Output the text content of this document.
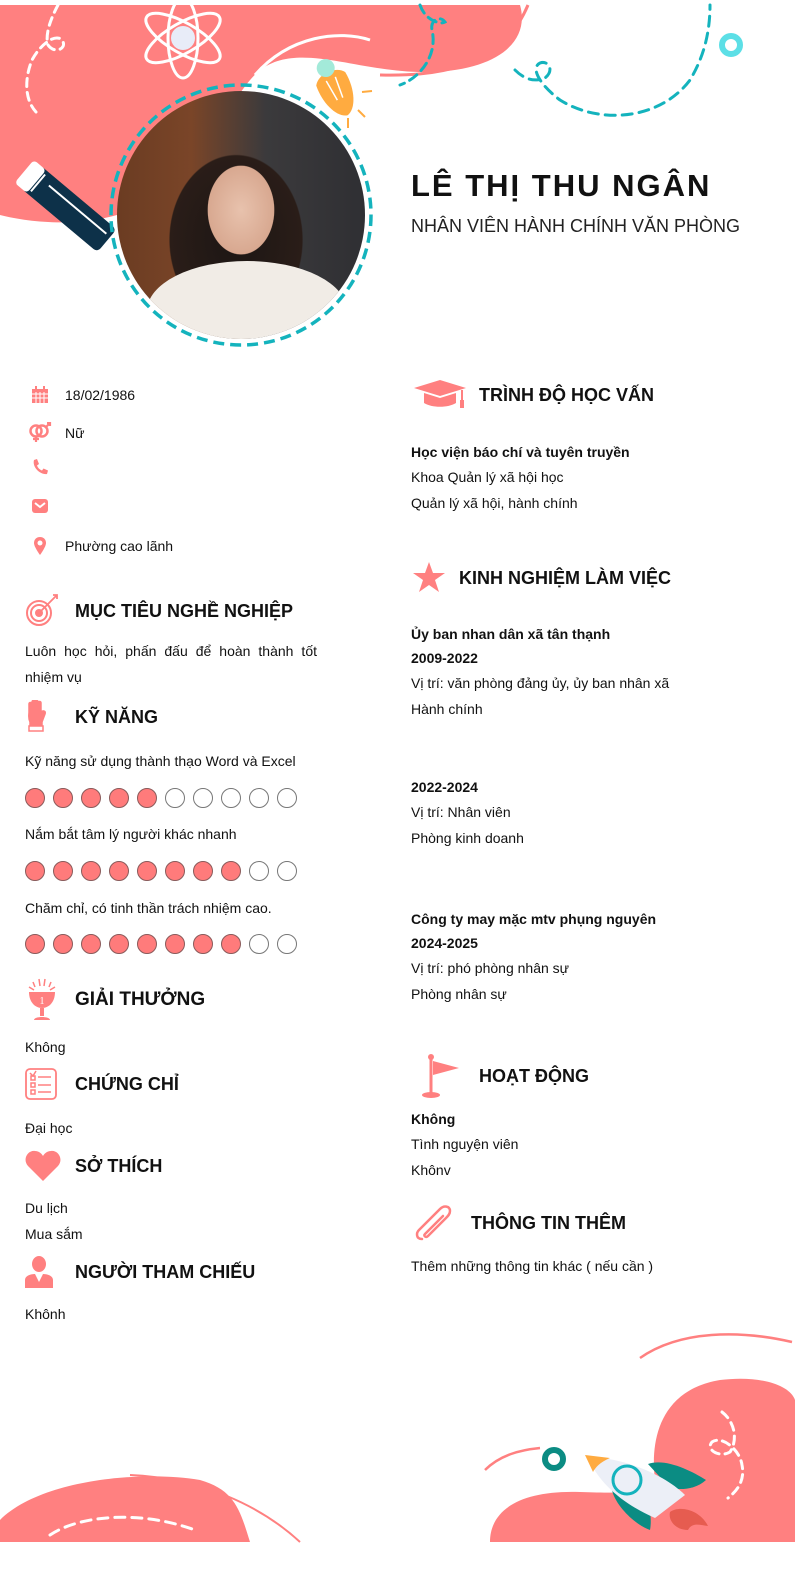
LÊ THỊ THU NGÂN
NHÂN VIÊN HÀNH CHÍNH VĂN PHÒNG
18/02/1986
Nữ
Phường cao lãnh
MỤC TIÊU NGHỀ NGHIỆP
Luôn học hỏi, phấn đấu để hoàn thành tốt nhiệm vụ
KỸ NĂNG
Kỹ năng sử dụng thành thạo Word và Excel
Nắm bắt tâm lý người khác nhanh
Chăm chỉ, có tinh thần trách nhiệm cao.
1 GIẢI THƯỞNG
Không
CHỨNG CHỈ
Đại học
SỞ THÍCH
Du lịch
Mua sắm
NGƯỜI THAM CHIẾU
Khônh
TRÌNH ĐỘ HỌC VẤN
Học viện báo chí và tuyên truyền
Khoa Quản lý xã hội học
Quản lý xã hội, hành chính
KINH NGHIỆM LÀM VIỆC
Ủy ban nhan dân xã tân thạnh
2009-2022
Vị trí: văn phòng đảng ủy, ủy ban nhân xã
Hành chính
2022-2024
Vị trí: Nhân viên
Phòng kinh doanh
Công ty may mặc mtv phụng nguyên
2024-2025
Vị trí: phó phòng nhân sự
Phòng nhân sự
HOẠT ĐỘNG
Không
Tình nguyện viên
Khônv
THÔNG TIN THÊM
Thêm những thông tin khác ( nếu cần )
